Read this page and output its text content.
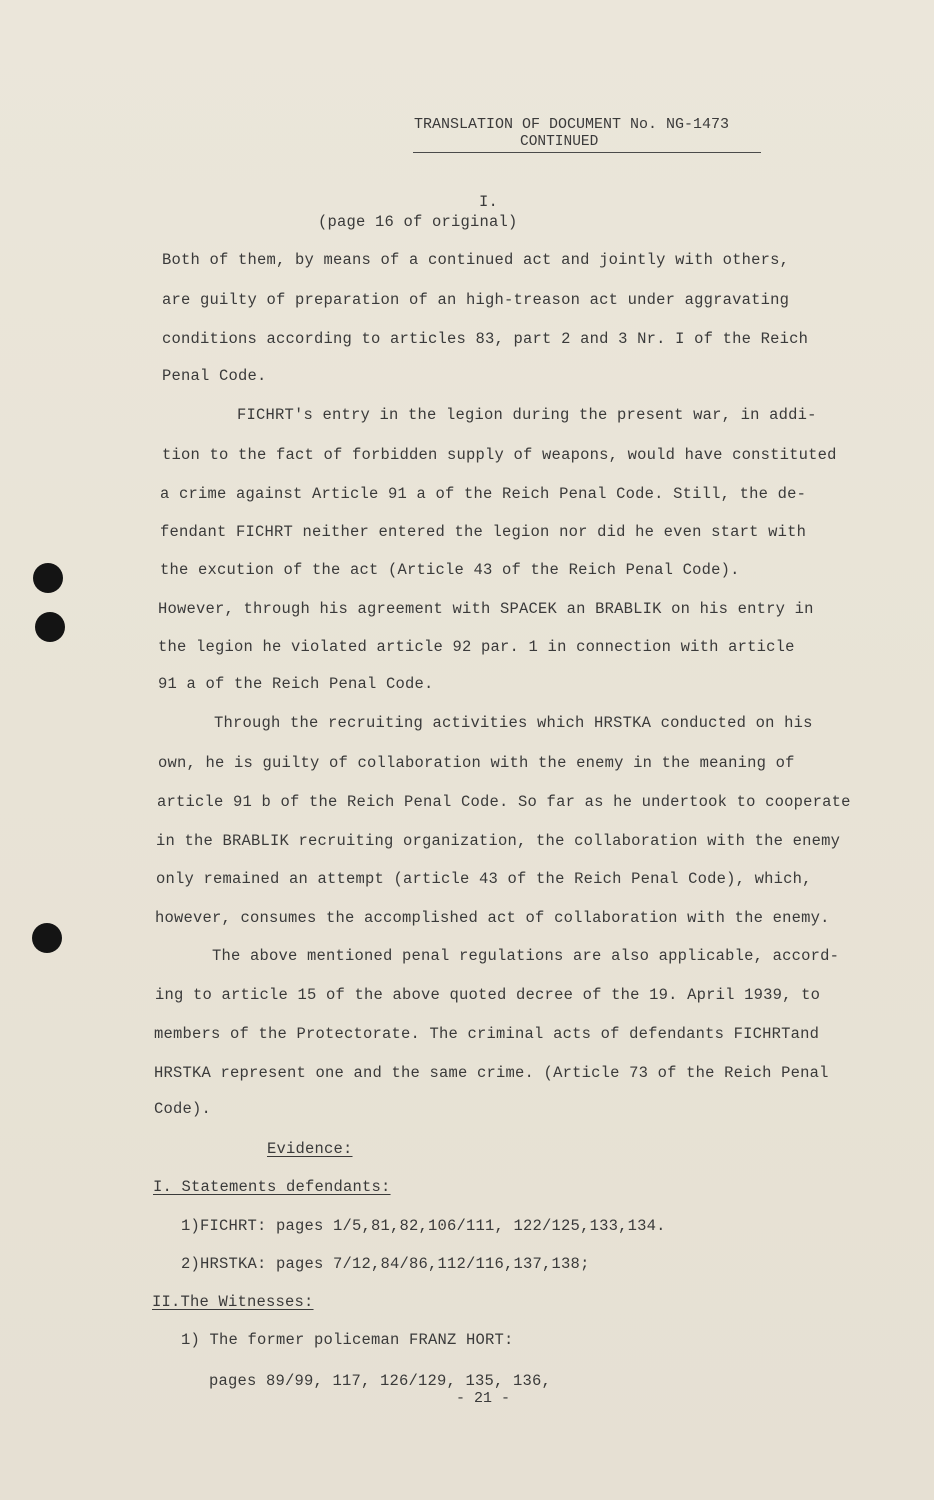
TRANSLATION OF DOCUMENT No. NG-1473
CONTINUED
I.
(page 16 of original)
Both of them, by means of a continued act and jointly with others,
are guilty of preparation of an high-treason act under aggravating
conditions according to articles 83, part 2 and 3 Nr. I of the Reich
Penal Code.
FICHRT's entry in the legion during the present war, in addi-
tion to the fact of forbidden supply of weapons, would have constituted
a crime against Article 91 a of the Reich Penal Code. Still, the de-
fendant FICHRT neither entered the legion nor did he even start with
the excution of the act (Article 43 of the Reich Penal Code).
However, through his agreement with SPACEK an BRABLIK on his entry in
the legion he violated article 92 par. 1 in connection with article
91 a of the Reich Penal Code.
Through the recruiting activities which HRSTKA conducted on his
own, he is guilty of collaboration with the enemy in the meaning of
article 91 b of the Reich Penal Code. So far as he undertook to cooperate
in the BRABLIK recruiting organization, the collaboration with the enemy
only remained an attempt (article 43 of the Reich Penal Code), which,
however, consumes the accomplished act of collaboration with the enemy.
The above mentioned penal regulations are also applicable, accord-
ing to article 15 of the above quoted decree of the 19. April 1939, to
members of the Protectorate. The criminal acts of defendants FICHRTand
HRSTKA represent one and the same crime. (Article 73 of the Reich Penal
Code).
Evidence:
I. Statements defendants:
1)FICHRT: pages 1/5,81,82,106/111, 122/125,133,134.
2)HRSTKA: pages 7/12,84/86,112/116,137,138;
II.The Witnesses:
1) The former policeman FRANZ HORT:
pages 89/99, 117, 126/129, 135, 136,
- 21 -
